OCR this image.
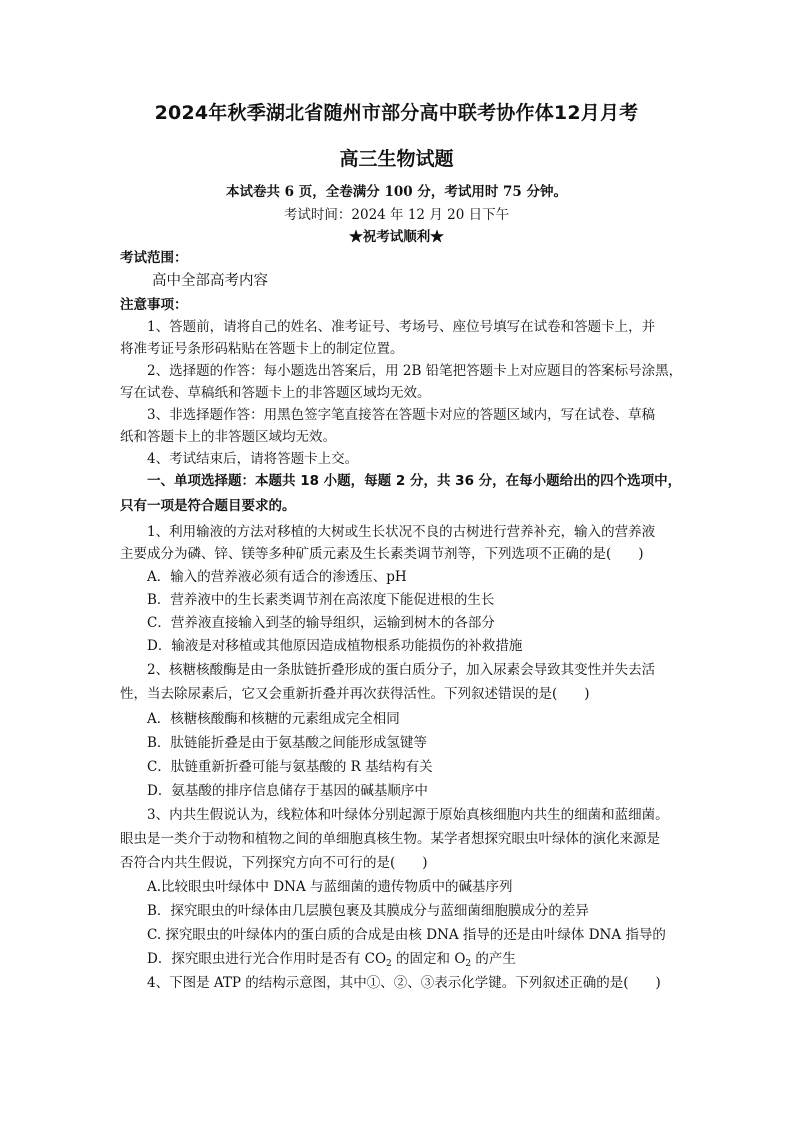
2024年秋季湖北省随州市部分高中联考协作体12月月考
高三生物试题
本试卷共 6 页，全卷满分 100 分，考试用时 75 分钟。
考试时间：2024 年 12 月 20 日下午
★祝考试顺利★
考试范围：
高中全部高考内容
注意事项：
1、答题前，请将自己的姓名、准考证号、考场号、座位号填写在试卷和答题卡上，并
将准考证号条形码粘贴在答题卡上的制定位置。
2、选择题的作答：每小题选出答案后，用 2B 铅笔把答题卡上对应题目的答案标号涂黑，
写在试卷、草稿纸和答题卡上的非答题区域均无效。
3、非选择题作答：用黑色签字笔直接答在答题卡对应的答题区域内，写在试卷、草稿
纸和答题卡上的非答题区域均无效。
4、考试结束后，请将答题卡上交。
一、单项选择题：本题共 18 小题，每题 2 分，共 36 分，在每小题给出的四个选项中，
只有一项是符合题目要求的。
1、利用输液的方法对移植的大树或生长状况不良的古树进行营养补充，输入的营养液
主要成分为磷、锌、镁等多种矿质元素及生长素类调节剂等，下列选项不正确的是(　　)
A．输入的营养液必须有适合的渗透压、pH
B．营养液中的生长素类调节剂在高浓度下能促进根的生长
C．营养液直接输入到茎的输导组织，运输到树木的各部分
D．输液是对移植或其他原因造成植物根系功能损伤的补救措施
2、核糖核酸酶是由一条肽链折叠形成的蛋白质分子，加入尿素会导致其变性并失去活
性，当去除尿素后，它又会重新折叠并再次获得活性。下列叙述错误的是(　　)
A．核糖核酸酶和核糖的元素组成完全相同
B．肽链能折叠是由于氨基酸之间能形成氢键等
C．肽链重新折叠可能与氨基酸的 R 基结构有关
D．氨基酸的排序信息储存于基因的碱基顺序中
3、内共生假说认为，线粒体和叶绿体分别起源于原始真核细胞内共生的细菌和蓝细菌。
眼虫是一类介于动物和植物之间的单细胞真核生物。某学者想探究眼虫叶绿体的演化来源是
否符合内共生假说，下列探究方向不可行的是(　　)
A.比较眼虫叶绿体中 DNA 与蓝细菌的遗传物质中的碱基序列
B．探究眼虫的叶绿体由几层膜包裹及其膜成分与蓝细菌细胞膜成分的差异
C. 探究眼虫的叶绿体内的蛋白质的合成是由核 DNA 指导的还是由叶绿体 DNA 指导的
D．探究眼虫进行光合作用时是否有 $CO_2$ 的固定和 $O_2$ 的产生
4、下图是 ATP 的结构示意图，其中①、②、③表示化学键。下列叙述正确的是(　　)
